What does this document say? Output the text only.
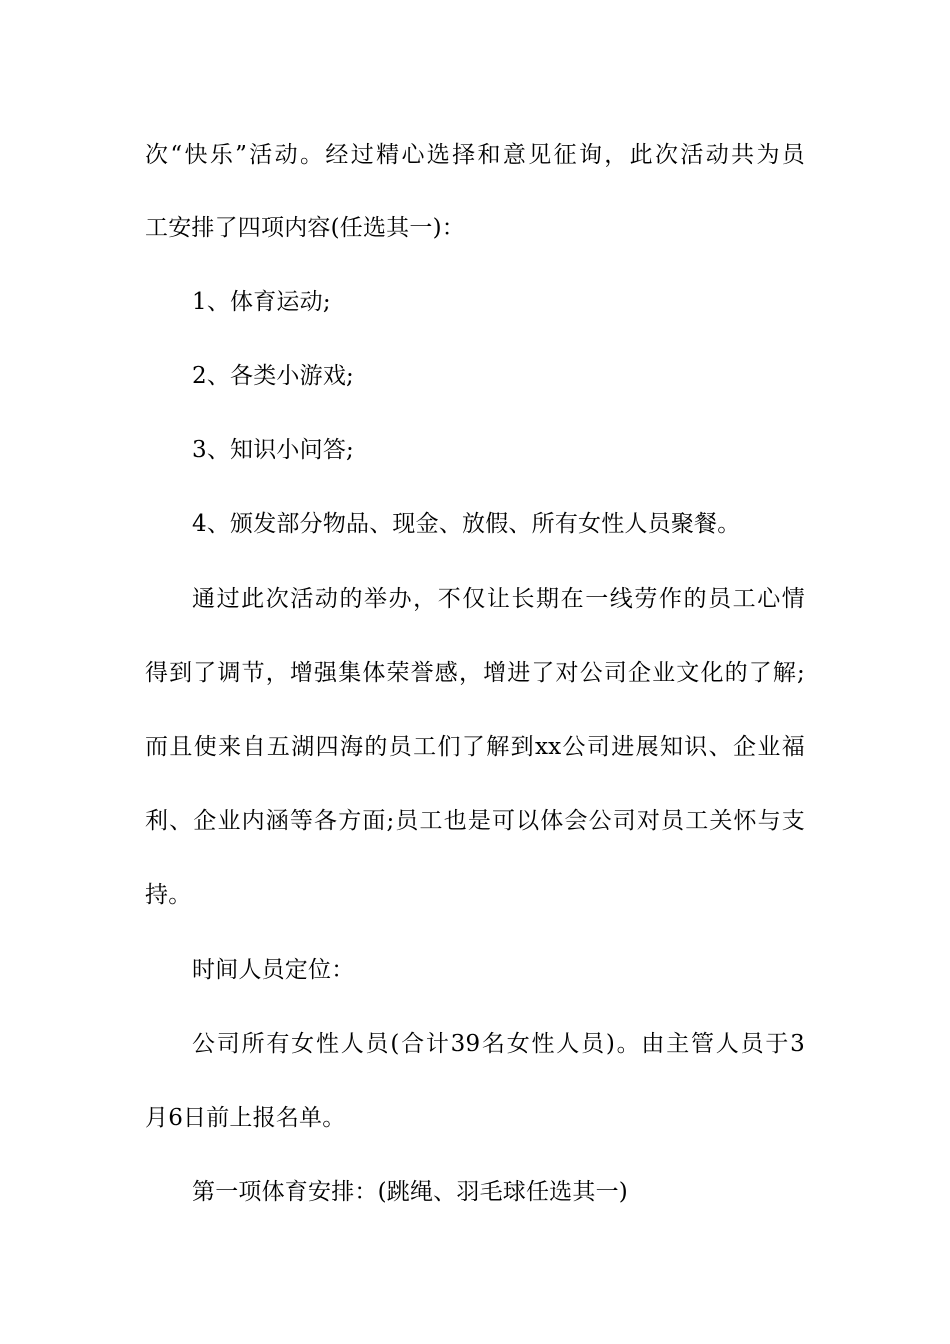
次“快乐”活动。经过精心选择和意见征询，此次活动共为员
工安排了四项内容(任选其一)：
1、体育运动;
2、各类小游戏;
3、知识小问答;
4、颁发部分物品、现金、放假、所有女性人员聚餐。
通过此次活动的举办，不仅让长期在一线劳作的员工心情
得到了调节，增强集体荣誉感，增进了对公司企业文化的了解;
而且使来自五湖四海的员工们了解到xx公司进展知识、企业福
利、企业内涵等各方面;员工也是可以体会公司对员工关怀与支
持。
时间人员定位：
公司所有女性人员(合计39名女性人员)。由主管人员于3
月6日前上报名单。
第一项体育安排：(跳绳、羽毛球任选其一)
